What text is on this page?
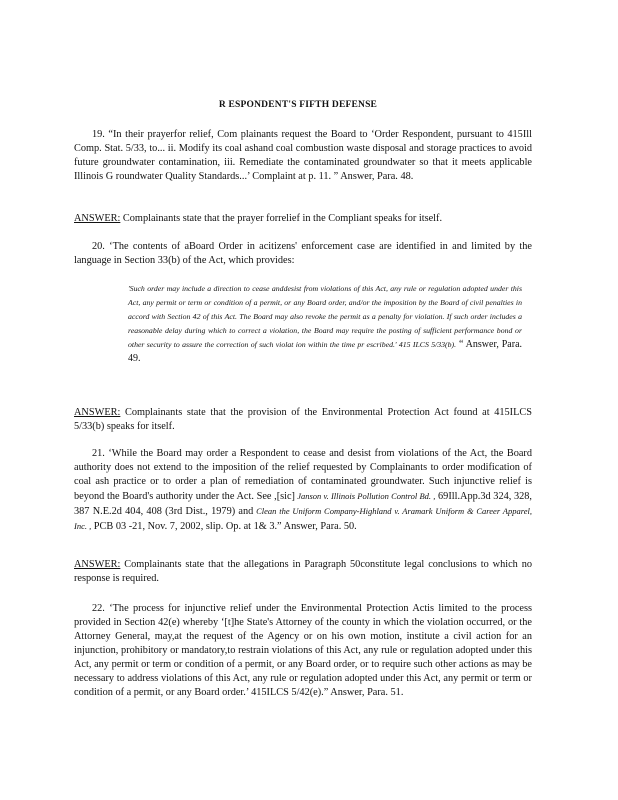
R ESPONDENT'S FIFTH DEFENSE
19. “In their prayerfor relief, Com plainants request the Board to ‘Order Respondent, pursuant to 415Ill Comp. Stat. 5/33, to... ii. Modify its coal ashand coal combustion waste disposal and storage practices to avoid future groundwater contamination, iii. Remediate the contaminated groundwater so that it meets applicable Illinois G roundwater Quality Standards...’ Complaint at p. 11. ” Answer, Para. 48.
ANSWER: Complainants state that the prayer forrelief in the Compliant speaks for itself.
20. ‘The contents of aBoard Order in acitizens' enforcement case are identified in and limited by the language in Section 33(b) of the Act, which provides:
'Such order may include a direction to cease anddesist from violations of this Act, any rule or regulation adopted under this Act, any permit or term or condition of a permit, or any Board order, and/or the imposition by the Board of civil penalties in accord with Section 42 of this Act. The Board may also revoke the permit as a penalty for violation. If such order includes a reasonable delay during which to correct a violation, the Board may require the posting of sufficient performance bond or other security to assure the correction of such violat ion within the time pr escribed.' 415 ILCS 5/33(b). “ Answer, Para. 49.
ANSWER: Complainants state that the provision of the Environmental Protection Act found at 415ILCS 5/33(b) speaks for itself.
21. ‘While the Board may order a Respondent to cease and desist from violations of the Act, the Board authority does not extend to the imposition of the relief requested by Complainants to order modification of coal ash practice or to order a plan of remediation of contaminated groundwater. Such injunctive relief is beyond the Board's authority under the Act. See ,[sic] Janson v. Illinois Pollution Control Bd. , 69Ill.App.3d 324, 328, 387 N.E.2d 404, 408 (3rd Dist., 1979) and Clean the Uniform Company-Highland v. Aramark Uniform & Career Apparel, Inc. , PCB 03 -21, Nov. 7, 2002, slip. Op. at 1& 3.” Answer, Para. 50.
ANSWER: Complainants state that the allegations in Paragraph 50constitute legal conclusions to which no response is required.
22. ‘The process for injunctive relief under the Environmental Protection Actis limited to the process provided in Section 42(e) whereby ‘[t]he State's Attorney of the county in which the violation occurred, or the Attorney General, may,at the request of the Agency or on his own motion, institute a civil action for an injunction, prohibitory or mandatory,to restrain violations of this Act, any rule or regulation adopted under this Act, any permit or term or condition of a permit, or any Board order, or to require such other actions as may be necessary to address violations of this Act, any rule or regulation adopted under this Act, any permit or term or condition of a permit, or any Board order.’ 415ILCS 5/42(e).” Answer, Para. 51.
